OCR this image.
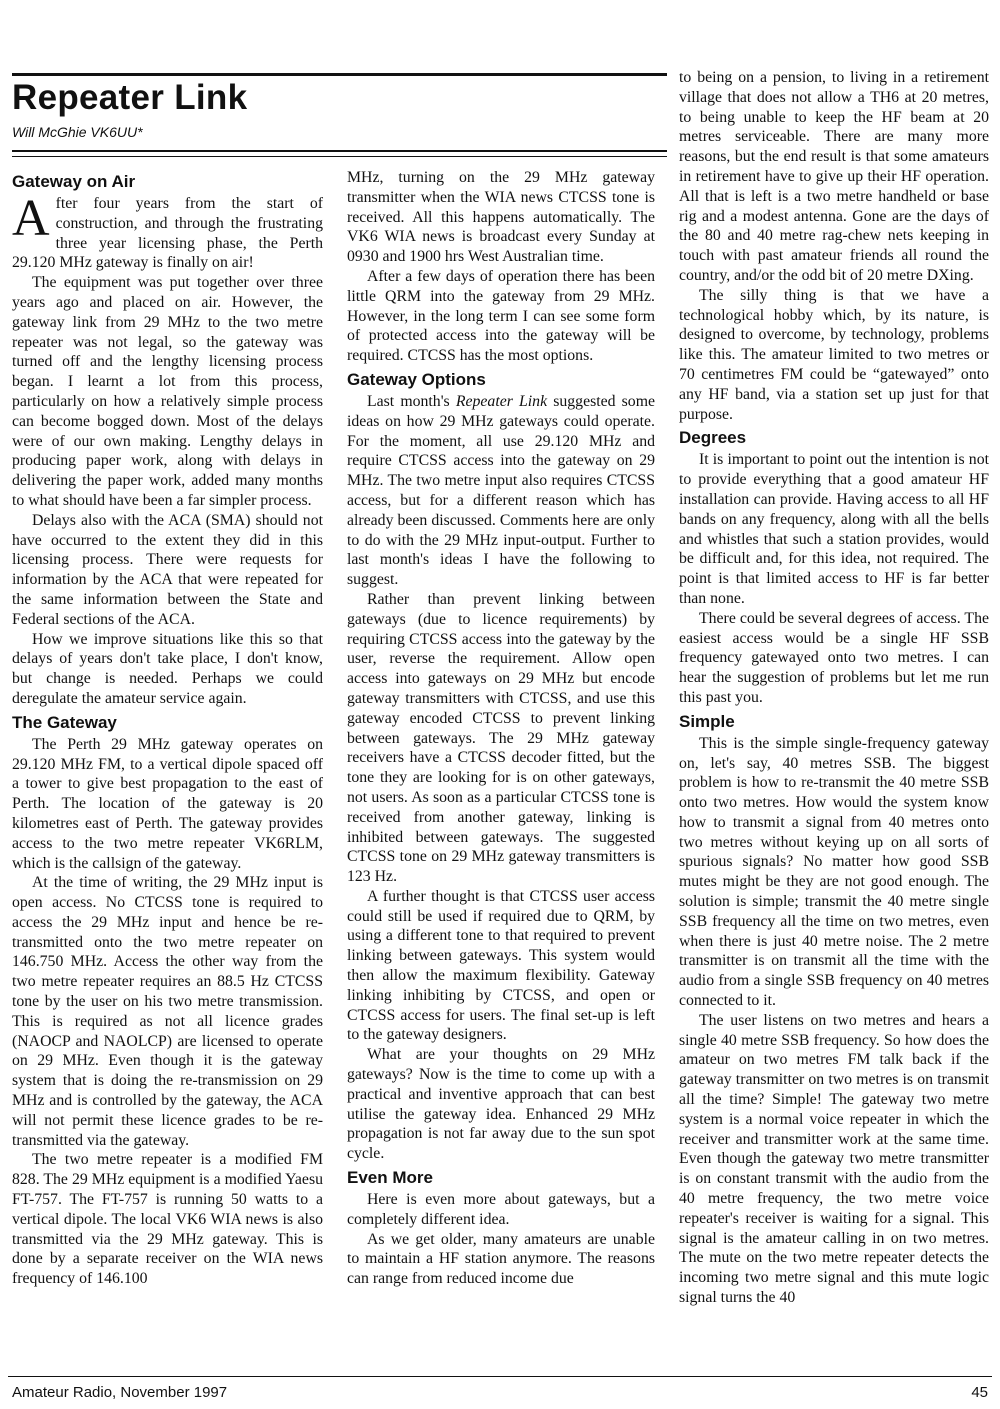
Repeater Link
Will McGhie VK6UU*
Gateway on Air

After four years from the start of construction, and through the frustrating three year licensing phase, the Perth 29.120 MHz gateway is finally on air!

The equipment was put together over three years ago and placed on air. However, the gateway link from 29 MHz to the two metre repeater was not legal, so the gateway was turned off and the lengthy licensing process began. I learnt a lot from this process, particularly on how a relatively simple process can become bogged down. Most of the delays were of our own making. Lengthy delays in producing paper work, along with delays in delivering the paper work, added many months to what should have been a far simpler process.

Delays also with the ACA (SMA) should not have occurred to the extent they did in this licensing process. There were requests for information by the ACA that were repeated for the same information between the State and Federal sections of the ACA.

How we improve situations like this so that delays of years don't take place, I don't know, but change is needed. Perhaps we could deregulate the amateur service again.

The Gateway

The Perth 29 MHz gateway operates on 29.120 MHz FM, to a vertical dipole spaced off a tower to give best propagation to the east of Perth. The location of the gateway is 20 kilometres east of Perth. The gateway provides access to the two metre repeater VK6RLM, which is the callsign of the gateway.

At the time of writing, the 29 MHz input is open access. No CTCSS tone is required to access the 29 MHz input and hence be re-transmitted onto the two metre repeater on 146.750 MHz. Access the other way from the two metre repeater requires an 88.5 Hz CTCSS tone by the user on his two metre transmission. This is required as not all licence grades (NAOCP and NAOLCP) are licensed to operate on 29 MHz. Even though it is the gateway system that is doing the re-transmission on 29 MHz and is controlled by the gateway, the ACA will not permit these licence grades to be re-transmitted via the gateway.

The two metre repeater is a modified FM 828. The 29 MHz equipment is a modified Yaesu FT-757. The FT-757 is running 50 watts to a vertical dipole. The local VK6 WIA news is also transmitted via the 29 MHz gateway. This is done by a separate receiver on the WIA news frequency of 146.100

MHz, turning on the 29 MHz gateway transmitter when the WIA news CTCSS tone is received. All this happens automatically. The VK6 WIA news is broadcast every Sunday at 0930 and 1900 hrs West Australian time.

After a few days of operation there has been little QRM into the gateway from 29 MHz. However, in the long term I can see some form of protected access into the gateway will be required. CTCSS has the most options.

Gateway Options

Last month's Repeater Link suggested some ideas on how 29 MHz gateways could operate. For the moment, all use 29.120 MHz and require CTCSS access into the gateway on 29 MHz. The two metre input also requires CTCSS access, but for a different reason which has already been discussed. Comments here are only to do with the 29 MHz input-output. Further to last month's ideas I have the following to suggest.

Rather than prevent linking between gateways (due to licence requirements) by requiring CTCSS access into the gateway by the user, reverse the requirement. Allow open access into gateways on 29 MHz but encode gateway transmitters with CTCSS, and use this gateway encoded CTCSS to prevent linking between gateways. The 29 MHz gateway receivers have a CTCSS decoder fitted, but the tone they are looking for is on other gateways, not users. As soon as a particular CTCSS tone is received from another gateway, linking is inhibited between gateways. The suggested CTCSS tone on 29 MHz gateway transmitters is 123 Hz.

A further thought is that CTCSS user access could still be used if required due to QRM, by using a different tone to that required to prevent linking between gateways. This system would then allow the maximum flexibility. Gateway linking inhibiting by CTCSS, and open or CTCSS access for users. The final set-up is left to the gateway designers.

What are your thoughts on 29 MHz gateways? Now is the time to come up with a practical and inventive approach that can best utilise the gateway idea. Enhanced 29 MHz propagation is not far away due to the sun spot cycle.

Even More

Here is even more about gateways, but a completely different idea.

As we get older, many amateurs are unable to maintain a HF station anymore. The reasons can range from reduced income due

to being on a pension, to living in a retirement village that does not allow a TH6 at 20 metres, to being unable to keep the HF beam at 20 metres serviceable. There are many more reasons, but the end result is that some amateurs in retirement have to give up their HF operation. All that is left is a two metre handheld or base rig and a modest antenna. Gone are the days of the 80 and 40 metre rag-chew nets keeping in touch with past amateur friends all round the country, and/or the odd bit of 20 metre DXing.

The silly thing is that we have a technological hobby which, by its nature, is designed to overcome, by technology, problems like this. The amateur limited to two metres or 70 centimetres FM could be “gatewayed” onto any HF band, via a station set up just for that purpose.

Degrees

It is important to point out the intention is not to provide everything that a good amateur HF installation can provide. Having access to all HF bands on any frequency, along with all the bells and whistles that such a station provides, would be difficult and, for this idea, not required. The point is that limited access to HF is far better than none.

There could be several degrees of access. The easiest access would be a single HF SSB frequency gatewayed onto two metres. I can hear the suggestion of problems but let me run this past you.

Simple

This is the simple single-frequency gateway on, let's say, 40 metres SSB. The biggest problem is how to re-transmit the 40 metre SSB onto two metres. How would the system know how to transmit a signal from 40 metres onto two metres without keying up on all sorts of spurious signals? No matter how good SSB mutes might be they are not good enough. The solution is simple; transmit the 40 metre single SSB frequency all the time on two metres, even when there is just 40 metre noise. The 2 metre transmitter is on transmit all the time with the audio from a single SSB frequency on 40 metres connected to it.

The user listens on two metres and hears a single 40 metre SSB frequency. So how does the amateur on two metres FM talk back if the gateway transmitter on two metres is on transmit all the time? Simple! The gateway two metre system is a normal voice repeater in which the receiver and transmitter work at the same time. Even though the gateway two metre transmitter is on constant transmit with the audio from the 40 metre frequency, the two metre voice repeater's receiver is waiting for a signal. This signal is the amateur calling in on two metres. The mute on the two metre repeater detects the incoming two metre signal and this mute logic signal turns the 40

Amateur Radio, November 1997	45
